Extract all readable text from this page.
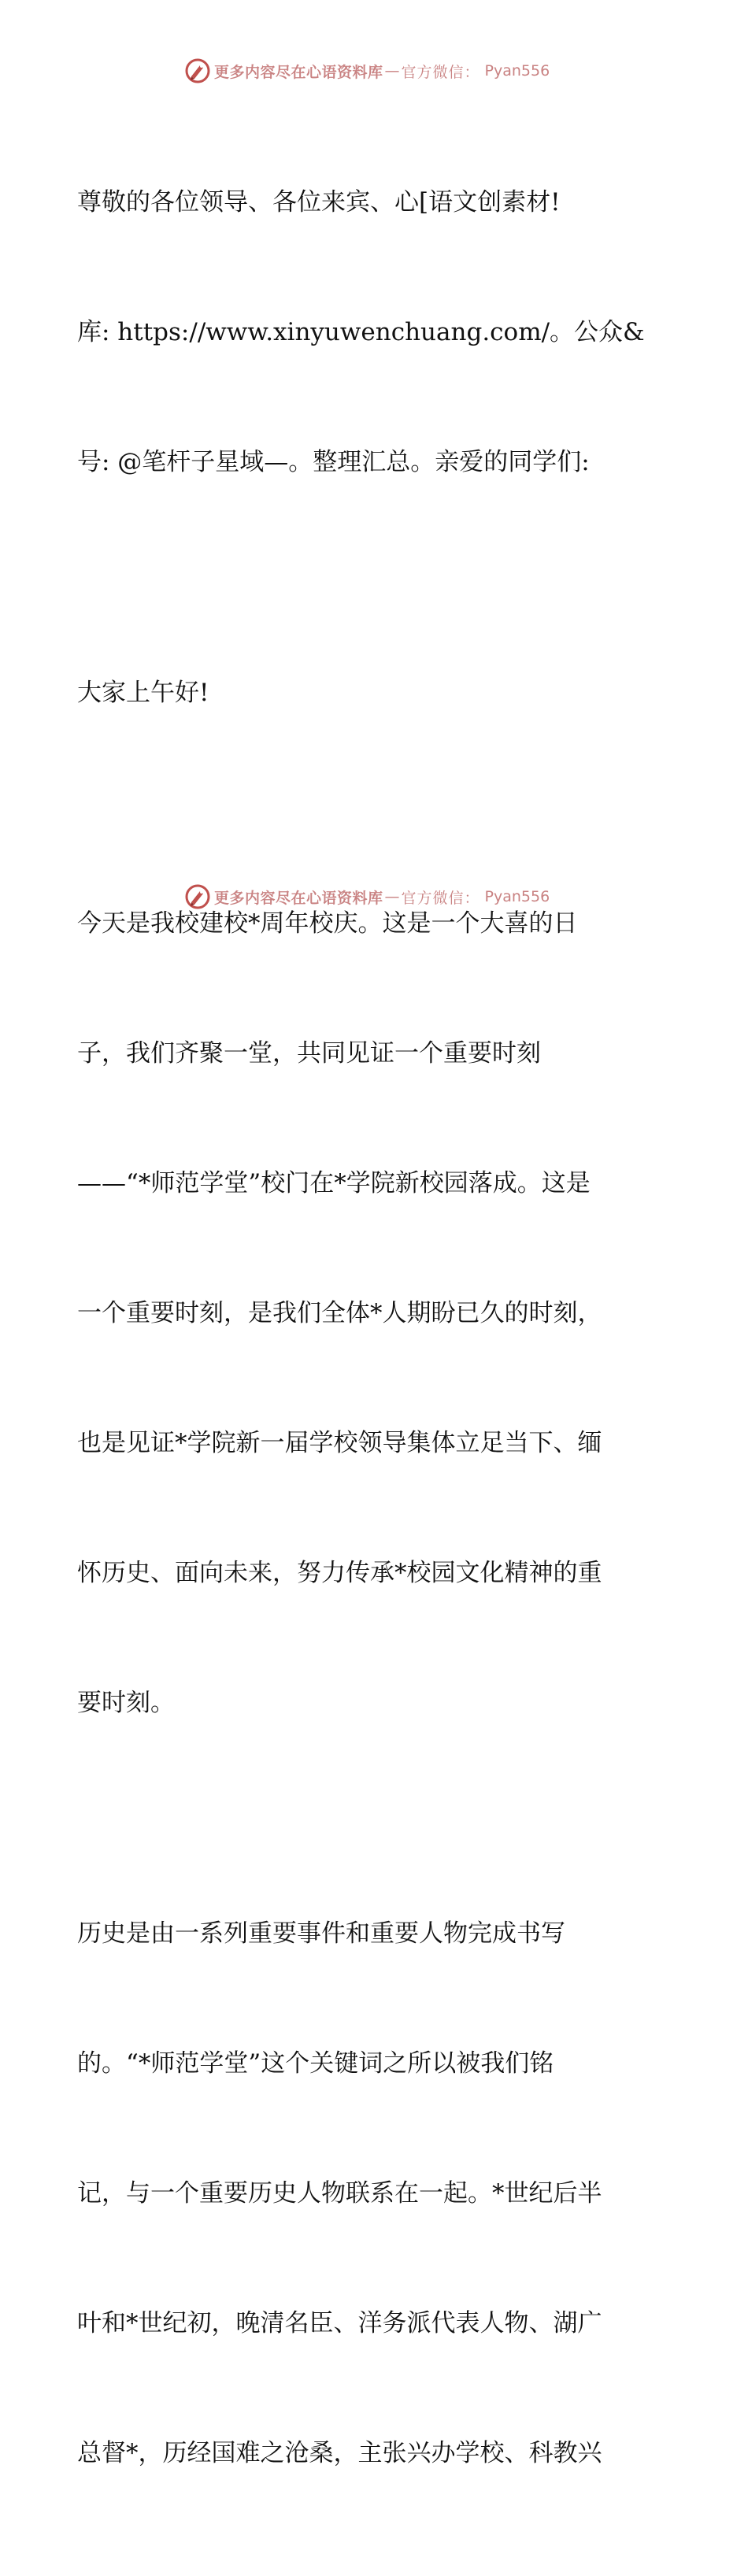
更多内容尽在心语资料库 — 官方微信： Pyan556

尊敬的各位领导、各位来宾、心[语文创素材!

库: https://www.xinyuwenchuang.com/。公众&

号: @笔杆子星域—。整理汇总。亲爱的同学们:

大家上午好!

今天是我校建校*周年校庆。这是一个大喜的日

子，我们齐聚一堂，共同见证一个重要时刻

——“*师范学堂”校门在*学院新校园落成。这是

一个重要时刻，是我们全体*人期盼已久的时刻，

也是见证*学院新一届学校领导集体立足当下、缅

怀历史、面向未来，努力传承*校园文化精神的重

要时刻。

历史是由一系列重要事件和重要人物完成书写

的。“*师范学堂”这个关键词之所以被我们铭

记，与一个重要历史人物联系在一起。*世纪后半

叶和*世纪初，晚清名臣、洋务派代表人物、湖广

总督*，历经国难之沧桑，主张兴办学校、科教兴

更多内容尽在心语资料库 — 官方微信： Pyan556
